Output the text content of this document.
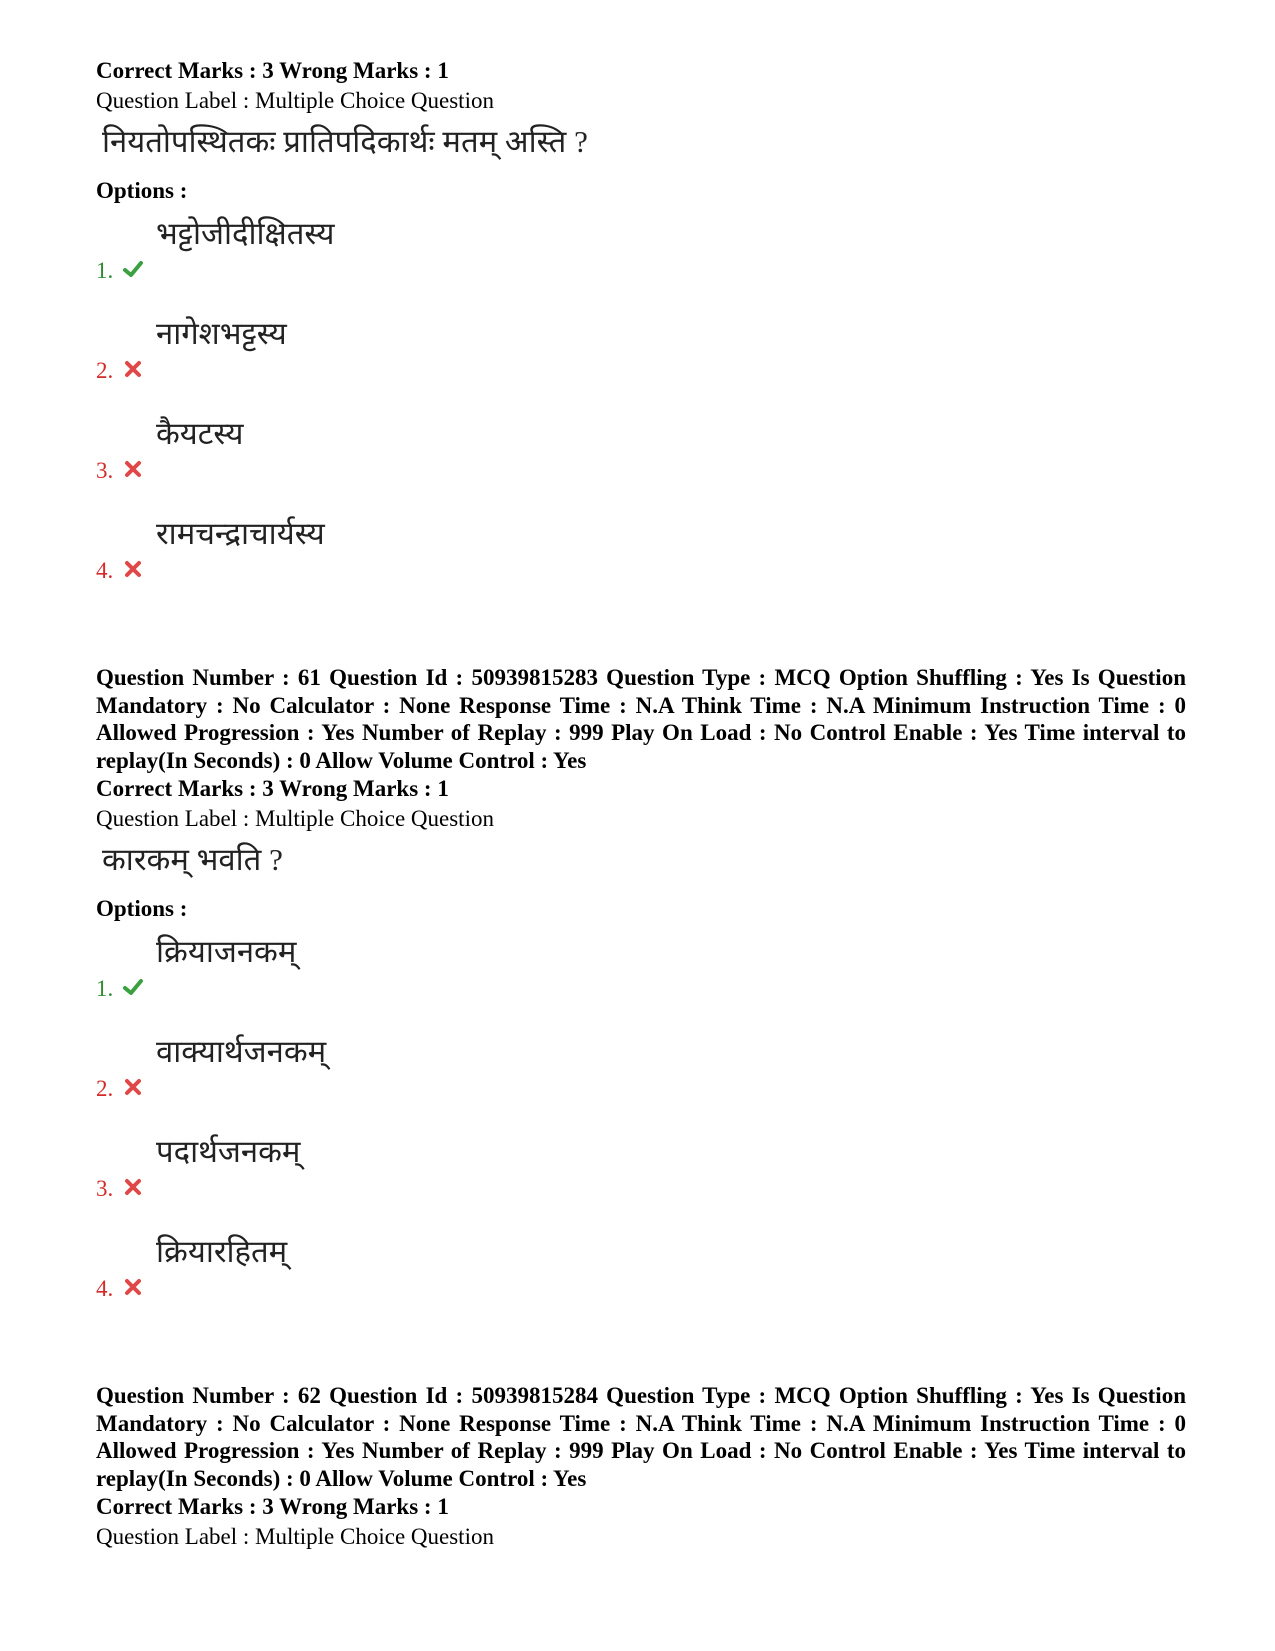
Correct Marks : 3 Wrong Marks : 1
Question Label : Multiple Choice Question
नियतोपस्थितकः प्रातिपदिकार्थः मतम् अस्ति ?
Options :
1.
भट्टोजीदीक्षितस्य
2.
नागेशभट्टस्य
3.
कैयटस्य
4.
रामचन्द्राचार्यस्य
Question Number : 61 Question Id : 50939815283 Question Type : MCQ Option Shuffling : Yes Is Question Mandatory : No Calculator : None Response Time : N.A Think Time : N.A Minimum Instruction Time : 0 Allowed Progression : Yes Number of Replay : 999 Play On Load : No Control Enable : Yes Time interval to replay(In Seconds) : 0 Allow Volume Control : Yes
Correct Marks : 3 Wrong Marks : 1
Question Label : Multiple Choice Question
कारकम् भवति ?
Options :
1.
क्रियाजनकम्
2.
वाक्यार्थजनकम्
3.
पदार्थजनकम्
4.
क्रियारहितम्
Question Number : 62 Question Id : 50939815284 Question Type : MCQ Option Shuffling : Yes Is Question Mandatory : No Calculator : None Response Time : N.A Think Time : N.A Minimum Instruction Time : 0 Allowed Progression : Yes Number of Replay : 999 Play On Load : No Control Enable : Yes Time interval to replay(In Seconds) : 0 Allow Volume Control : Yes
Correct Marks : 3 Wrong Marks : 1
Question Label : Multiple Choice Question
